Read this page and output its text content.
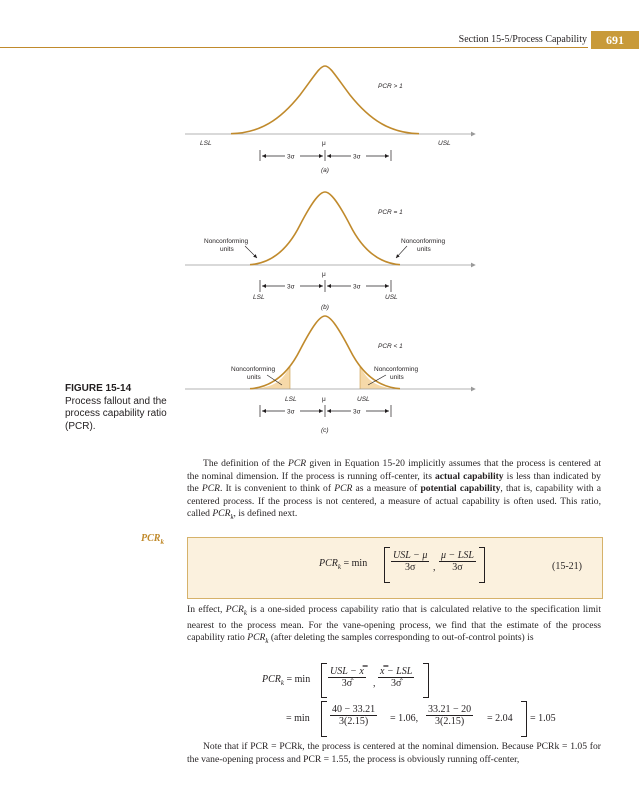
Section 15-5/Process Capability	691
LSL	USL
μ
PCR > 1
3σ	3σ
(a)
PCR = 1
Nonconforming
units
Nonconforming
units
μ
3σ	3σ
LSL	USL
(b)
PCR < 1
Nonconforming
units
Nonconforming
units
LSL	μ	USL
3σ	3σ
(c)
FIGURE 15-14
Process fallout and the process capability ratio (PCR).

The definition of the PCR given in Equation 15-20 implicitly assumes that the process is centered at the nominal dimension. If the process is running off-center, its actual capability is less than indicated by the PCR. It is convenient to think of PCR as a measure of potential capability, that is, capability with a centered process. If the process is not centered, a measure of actual capability is often used. This ratio, called $PCR_k$, is defined next.

$PCR_k$
$PCR_k = \min \frac{\text{USL − μ}}{3\sigma}$ , $\frac{\text{μ − LSL}}{3\sigma}$	(15-21)

In effect, $PCR_k$ is a one-sided process capability ratio that is calculated relative to the specification limit nearest to the process mean. For the vane-opening process, we find that the estimate of the process capability ratio $PCR_k$ (after deleting the samples corresponding to out-of-control points) is

$PCR_k = \min \frac{\text{USL − x̿}}{3\sigmâ}$ , $\frac{\text{x̿ − LSL}}{3\sigmâ}$
= $\min \frac{40 - 33.21}{3(2.15)} = 1.06$, $\frac{33.21 - 20}{3(2.15)} = 2.04 = 1.05$

Note that if PCR = PCRk, the process is centered at the nominal dimension. Because PCRk = 1.05 for the vane-opening process and PCR = 1.55, the process is obviously running off-center,
